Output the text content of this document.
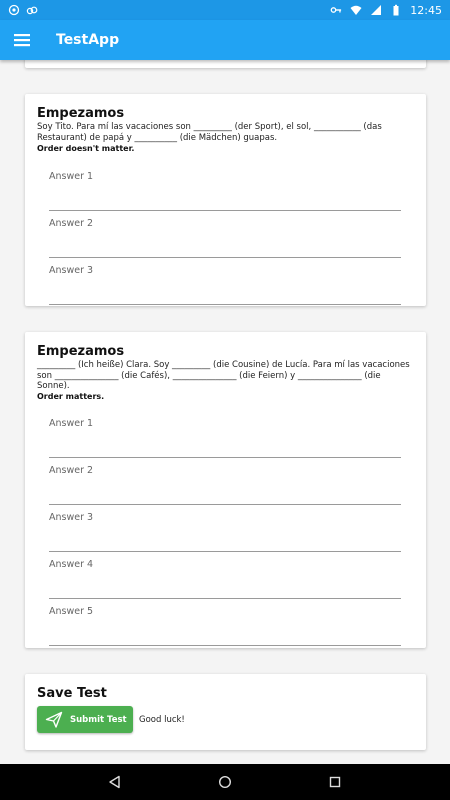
12:45
TestApp
Empezamos
Soy Tito. Para mí las vacaciones son _________ (der Sport), el sol, ___________ (das Restaurant) de papá y __________ (die Mädchen) guapas.
Order doesn't matter.
Answer 1
Answer 2
Answer 3
Empezamos
_________ (Ich heiße) Clara. Soy _________ (die Cousine) de Lucía. Para mí las vacaciones son _______________ (die Cafés), _______________ (die Feiern) y _______________ (die Sonne).
Order matters.
Answer 1
Answer 2
Answer 3
Answer 4
Answer 5
Save Test
Submit Test Good luck!
